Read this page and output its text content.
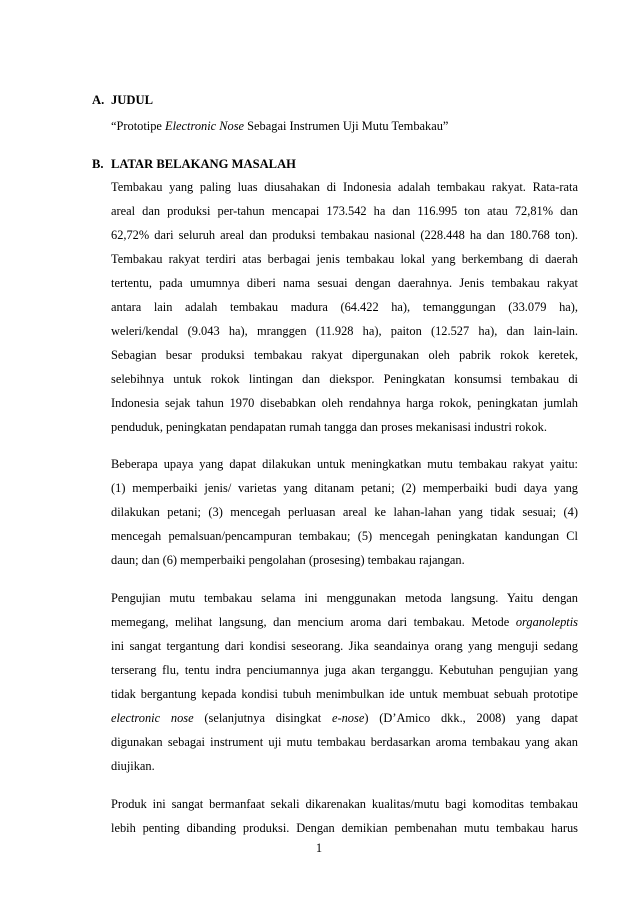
A. JUDUL
“Prototipe Electronic Nose Sebagai Instrumen Uji Mutu Tembakau”
B. LATAR BELAKANG MASALAH
Tembakau yang paling luas diusahakan di Indonesia adalah tembakau rakyat. Rata-rata
areal dan produksi per-tahun mencapai 173.542 ha dan 116.995 ton atau 72,81% dan
62,72% dari seluruh areal dan produksi tembakau nasional (228.448 ha dan 180.768 ton).
Tembakau rakyat terdiri atas berbagai jenis tembakau lokal yang berkembang di daerah
tertentu, pada umumnya diberi nama sesuai dengan daerahnya. Jenis tembakau rakyat
antara lain adalah tembakau madura (64.422 ha), temanggungan (33.079 ha),
weleri/kendal (9.043 ha), mranggen (11.928 ha), paiton (12.527 ha), dan lain-lain.
Sebagian besar produksi tembakau rakyat dipergunakan oleh pabrik rokok keretek,
selebihnya untuk rokok lintingan dan diekspor. Peningkatan konsumsi tembakau di
Indonesia sejak tahun 1970 disebabkan oleh rendahnya harga rokok, peningkatan jumlah
penduduk, peningkatan pendapatan rumah tangga dan proses mekanisasi industri rokok.
Beberapa upaya yang dapat dilakukan untuk meningkatkan mutu tembakau rakyat yaitu:
(1) memperbaiki jenis/ varietas yang ditanam petani; (2) memperbaiki budi daya yang
dilakukan petani; (3) mencegah perluasan areal ke lahan-lahan yang tidak sesuai; (4)
mencegah pemalsuan/pencampuran tembakau; (5) mencegah peningkatan kandungan Cl
daun; dan (6) memperbaiki pengolahan (prosesing) tembakau rajangan.
Pengujian mutu tembakau selama ini menggunakan metoda langsung. Yaitu dengan
memegang, melihat langsung, dan mencium aroma dari tembakau. Metode organoleptis
ini sangat tergantung dari kondisi seseorang. Jika seandainya orang yang menguji sedang
terserang flu, tentu indra penciumannya juga akan terganggu. Kebutuhan pengujian yang
tidak bergantung kepada kondisi tubuh menimbulkan ide untuk membuat sebuah prototipe
electronic nose (selanjutnya disingkat e-nose) (D’Amico dkk., 2008) yang dapat
digunakan sebagai instrument uji mutu tembakau berdasarkan aroma tembakau yang akan
diujikan.
Produk ini sangat bermanfaat sekali dikarenakan kualitas/mutu bagi komoditas tembakau
lebih penting dibanding produksi. Dengan demikian pembenahan mutu tembakau harus
1
